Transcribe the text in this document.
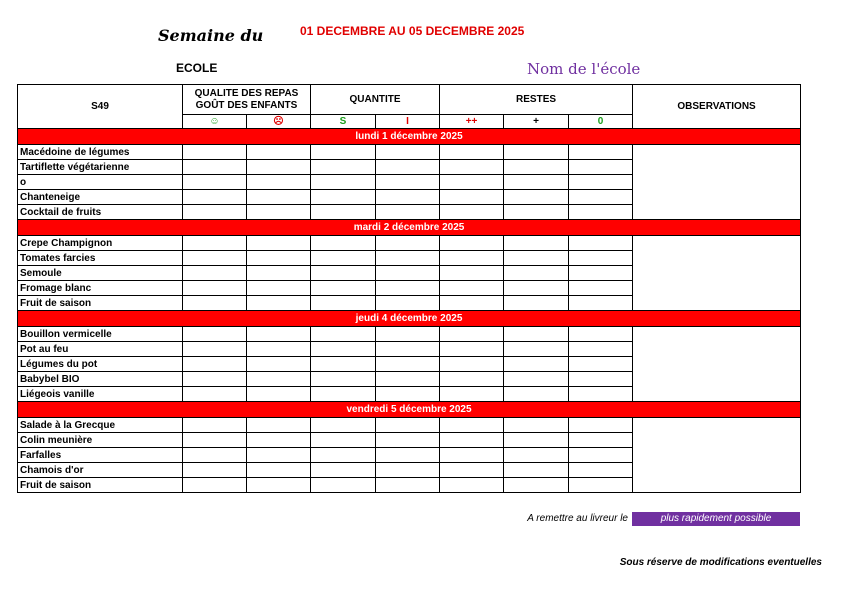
Semaine du	01 DECEMBRE AU 05 DECEMBRE 2025
ECOLE	Nom de l'école
S49	QUALITE DES REPAS GOÛT DES ENFANTS		QUANTITE		RESTES			OBSERVATIONS
	☺	☹	S	I	++	+	0	
lundi 1 décembre 2025								
Macédoine de légumes								
Tartiflette végétarienne								
o								
Chanteneige								
Cocktail de fruits								
mardi 2 décembre 2025								
Crepe Champignon								
Tomates farcies								
Semoule								
Fromage blanc								
Fruit de saison								
jeudi 4 décembre 2025								
Bouillon vermicelle								
Pot au feu								
Légumes du pot								
Babybel BIO								
Liégeois vanille								
vendredi 5 décembre 2025								
Salade à la Grecque								
Colin meunière								
Farfalles								
Chamois d'or								
Fruit de saison								
A remettre au livreur le	plus rapidement possible
Sous réserve de modifications eventuelles
